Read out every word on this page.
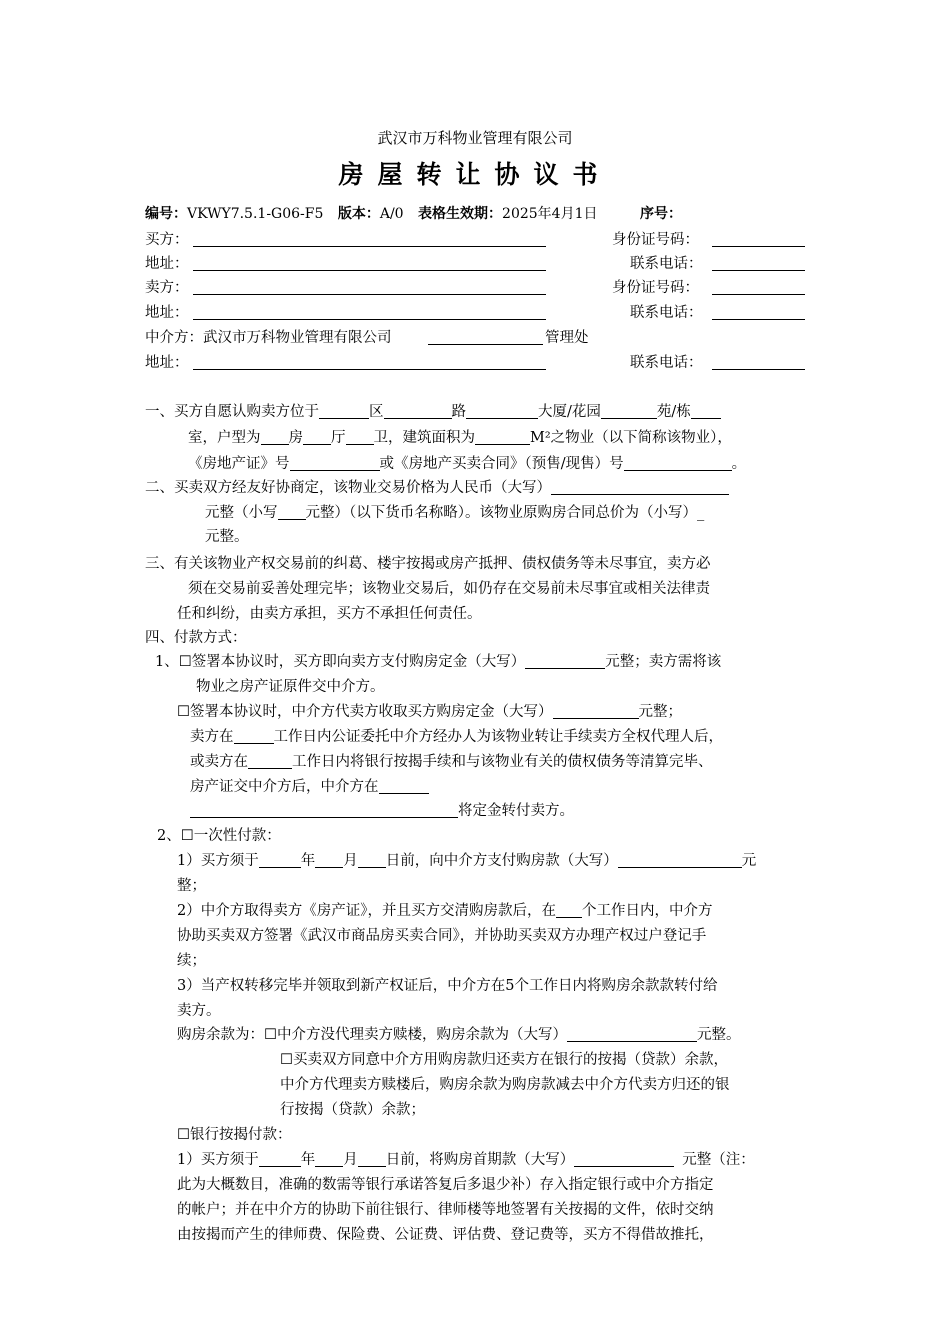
武汉市万科物业管理有限公司
房屋转让协议书
编号：VKWY7.5.1-G06-F5 版本：A/0 表格生效期：2025年4月1日	序号：
买方：	身份证号码：
地址：	联系电话：
卖方：	身份证号码：
地址：	联系电话：
中介方：武汉市万科物业管理有限公司	管理处
地址：	联系电话：
一、买方自愿认购卖方位于	区	路	大厦/花园	苑/栋
室，户型为 房 厅 卫，建筑面积为	M²之物业（以下简称该物业），
《房地产证》号	或《房地产买卖合同》（预售/现售）号	。
二、买卖双方经友好协商定，该物业交易价格为人民币（大写）
元整（小写 元整）（以下货币名称略）。该物业原购房合同总价为（小写）_
元整。
三、有关该物业产权交易前的纠葛、楼宇按揭或房产抵押、债权债务等未尽事宜，卖方必
须在交易前妥善处理完毕；该物业交易后，如仍存在交易前未尽事宜或相关法律责
任和纠纷，由卖方承担，买方不承担任何责任。
四、付款方式：
1、☐签署本协议时，买方即向卖方支付购房定金（大写）	元整；卖方需将该
物业之房产证原件交中介方。
☐签署本协议时，中介方代卖方收取买方购房定金（大写）	元整；
卖方在	工作日内公证委托中介方经办人为该物业转让手续卖方全权代理人后，
或卖方在	工作日内将银行按揭手续和与该物业有关的债权债务等清算完毕、
房产证交中介方后，中介方在
将定金转付卖方。
2、☐一次性付款：
1）买方须于	年 月 日前，向中介方支付购房款（大写）	元
整；
2）中介方取得卖方《房产证》，并且买方交清购房款后，在 个工作日内，中介方
协助买卖双方签署《武汉市商品房买卖合同》，并协助买卖双方办理产权过户登记手
续；
3）当产权转移完毕并领取到新产权证后，中介方在5个工作日内将购房余款款转付给
卖方。
购房余款为：☐中介方没代理卖方赎楼，购房余款为（大写）	元整。
☐买卖双方同意中介方用购房款归还卖方在银行的按揭（贷款）余款，
中介方代理卖方赎楼后，购房余款为购房款减去中介方代卖方归还的银
行按揭（贷款）余款；
☐银行按揭付款：
1）买方须于	年 月 日前，将购房首期款（大写）	元整（注：
此为大概数目，准确的数需等银行承诺答复后多退少补）存入指定银行或中介方指定
的帐户；并在中介方的协助下前往银行、律师楼等地签署有关按揭的文件，依时交纳
由按揭而产生的律师费、保险费、公证费、评估费、登记费等，买方不得借故推托，
